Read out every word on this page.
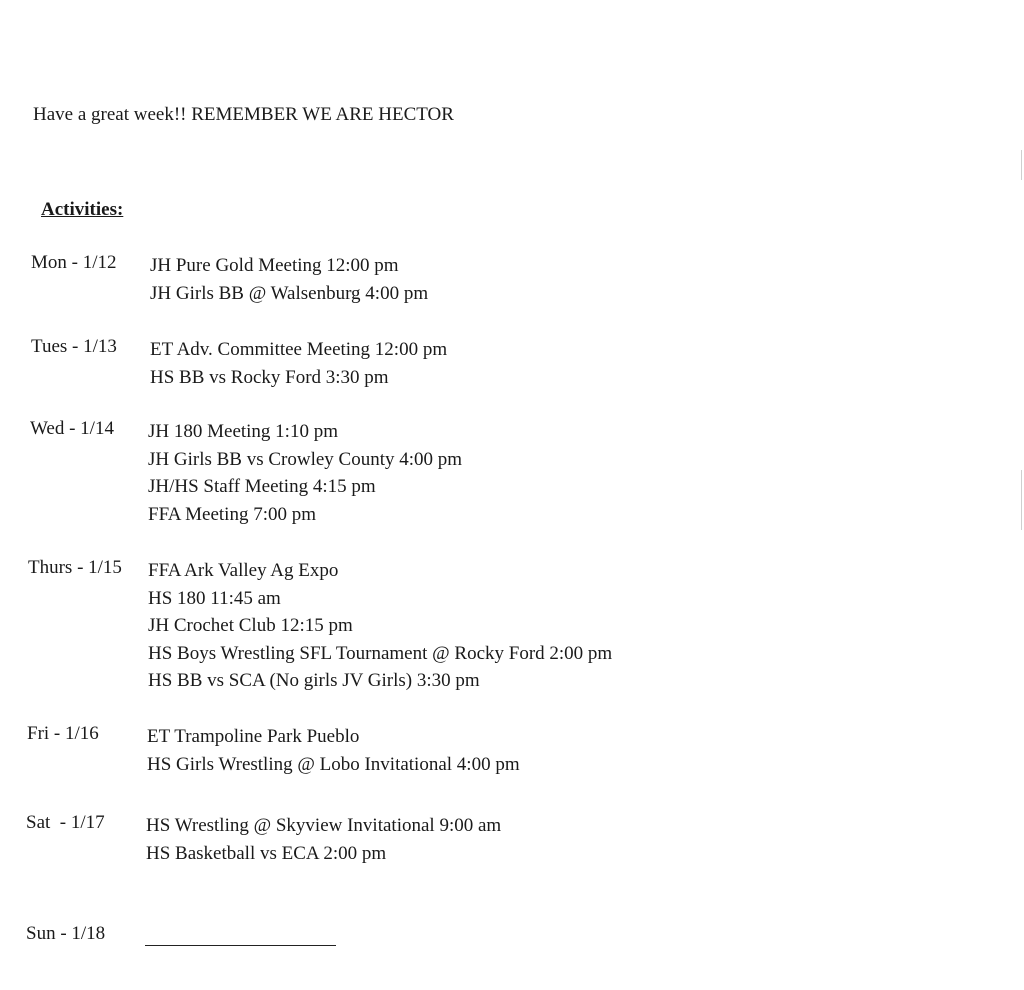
Have a great week!! REMEMBER WE ARE HECTOR
Activities:
Mon - 1/12 JH Pure Gold Meeting 12:00 pm
JH Girls BB @ Walsenburg 4:00 pm
Tues - 1/13 ET Adv. Committee Meeting 12:00 pm
HS BB vs Rocky Ford 3:30 pm
Wed - 1/14 JH 180 Meeting 1:10 pm
JH Girls BB vs Crowley County 4:00 pm
JH/HS Staff Meeting 4:15 pm
FFA Meeting 7:00 pm
Thurs - 1/15 FFA Ark Valley Ag Expo
HS 180 11:45 am
JH Crochet Club 12:15 pm
HS Boys Wrestling SFL Tournament @ Rocky Ford 2:00 pm
HS BB vs SCA (No girls JV Girls) 3:30 pm
Fri - 1/16	ET Trampoline Park Pueblo
HS Girls Wrestling @ Lobo Invitational 4:00 pm
Sat  - 1/17 HS Wrestling @ Skyview Invitational 9:00 am
HS Basketball vs ECA 2:00 pm
Sun - 1/18
